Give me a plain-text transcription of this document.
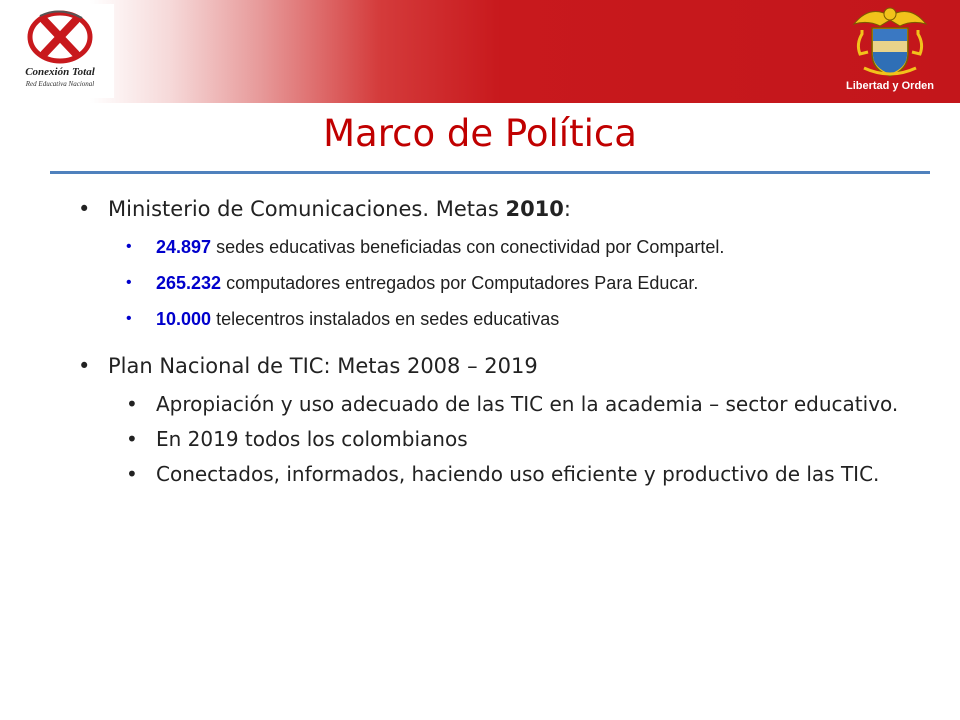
Conexión Total
Red Educativa Nacional	Libertad y Orden
Marco de Política
• Ministerio de Comunicaciones. Metas 2010:
• 24.897 sedes educativas beneficiadas con conectividad por Compartel.
• 265.232 computadores entregados por Computadores Para Educar.
• 10.000 telecentros instalados en sedes educativas
• Plan Nacional de TIC: Metas 2008 – 2019
• Apropiación y uso adecuado de las TIC en la academia – sector educativo.
• En 2019 todos los colombianos
• Conectados, informados, haciendo uso eficiente y productivo de las TIC.
